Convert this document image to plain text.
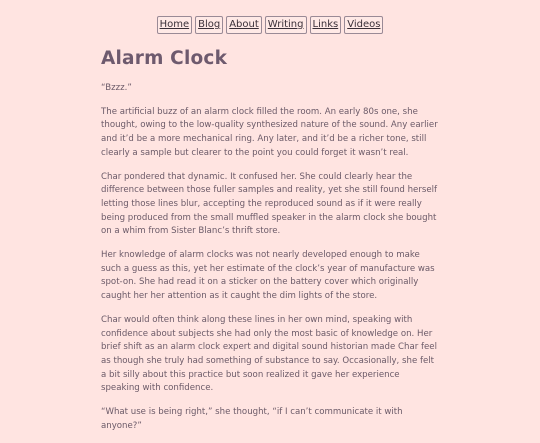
Home Blog About Writing Links Videos
Alarm Clock

“Bzzz.”

The artificial buzz of an alarm clock filled the room. An early 80s one, she thought, owing to the low-quality synthesized nature of the sound. Any earlier and it’d be a more mechanical ring. Any later, and it’d be a richer tone, still clearly a sample but clearer to the point you could forget it wasn’t real.

Char pondered that dynamic. It confused her. She could clearly hear the difference between those fuller samples and reality, yet she still found herself letting those lines blur, accepting the reproduced sound as if it were really being produced from the small muffled speaker in the alarm clock she bought on a whim from Sister Blanc’s thrift store.

Her knowledge of alarm clocks was not nearly developed enough to make such a guess as this, yet her estimate of the clock’s year of manufacture was spot-on. She had read it on a sticker on the battery cover which originally caught her her attention as it caught the dim lights of the store.

Char would often think along these lines in her own mind, speaking with confidence about subjects she had only the most basic of knowledge on. Her brief shift as an alarm clock expert and digital sound historian made Char feel as though she truly had something of substance to say. Occasionally, she felt a bit silly about this practice but soon realized it gave her experience speaking with confidence.

“What use is being right,” she thought, “if I can’t communicate it with anyone?”
